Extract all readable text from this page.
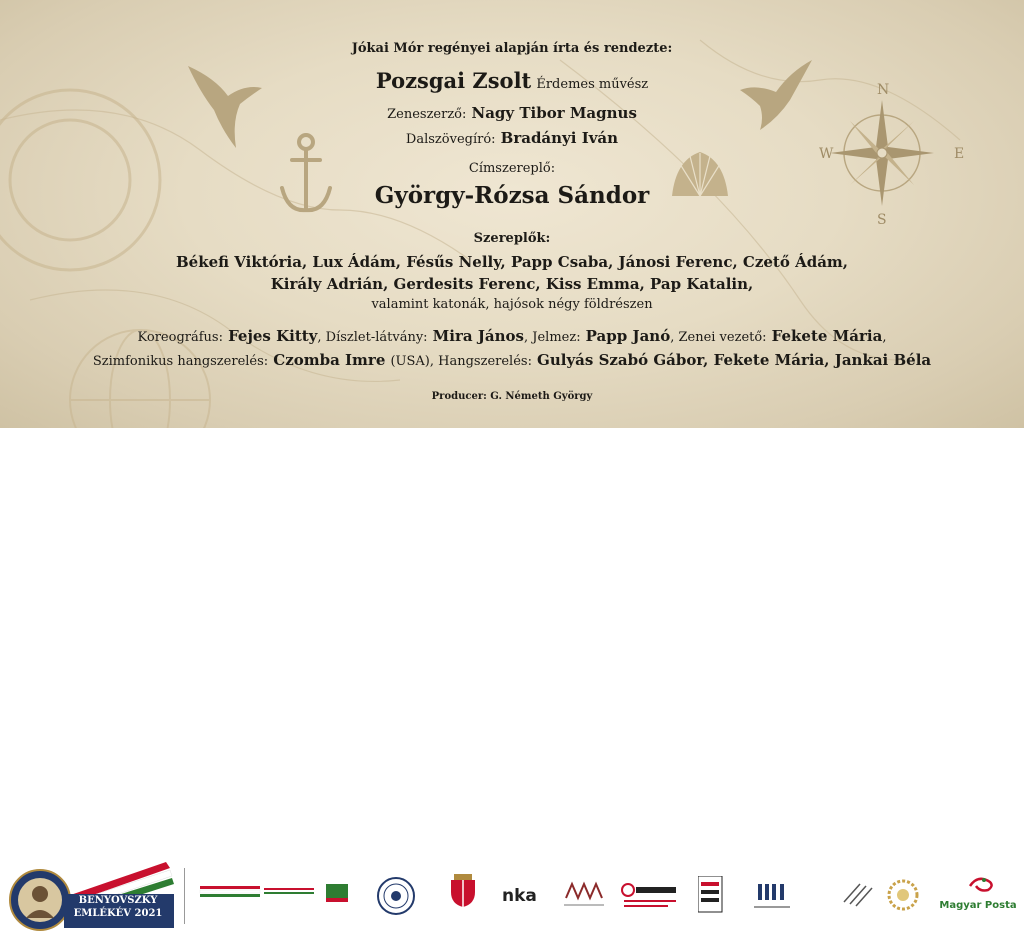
N
S
W	E
Jókai Mór regényei alapján írta és rendezte:
Pozsgai Zsolt Érdemes művész
Zeneszerző: Nagy Tibor Magnus
Dalszövegíró: Bradányi Iván
Címszereplő:
György-Rózsa Sándor
Szereplők:
Békefi Viktória, Lux Ádám, Fésűs Nelly, Papp Csaba, Jánosi Ferenc, Czető Ádám,
Király Adrián, Gerdesits Ferenc, Kiss Emma, Pap Katalin,
valamint katonák, hajósok négy földrészen
Koreográfus: Fejes Kitty, Díszlet-látvány: Mira János, Jelmez: Papp Janó, Zenei vezető: Fekete Mária,
Szimfonikus hangszerelés: Czomba Imre (USA), Hangszerelés: Gulyás Szabó Gábor, Fekete Mária, Jankai Béla
Producer: G. Németh György
BENYOVSZKY
EMLÉKÉV 2021
nka	Magyar Posta
